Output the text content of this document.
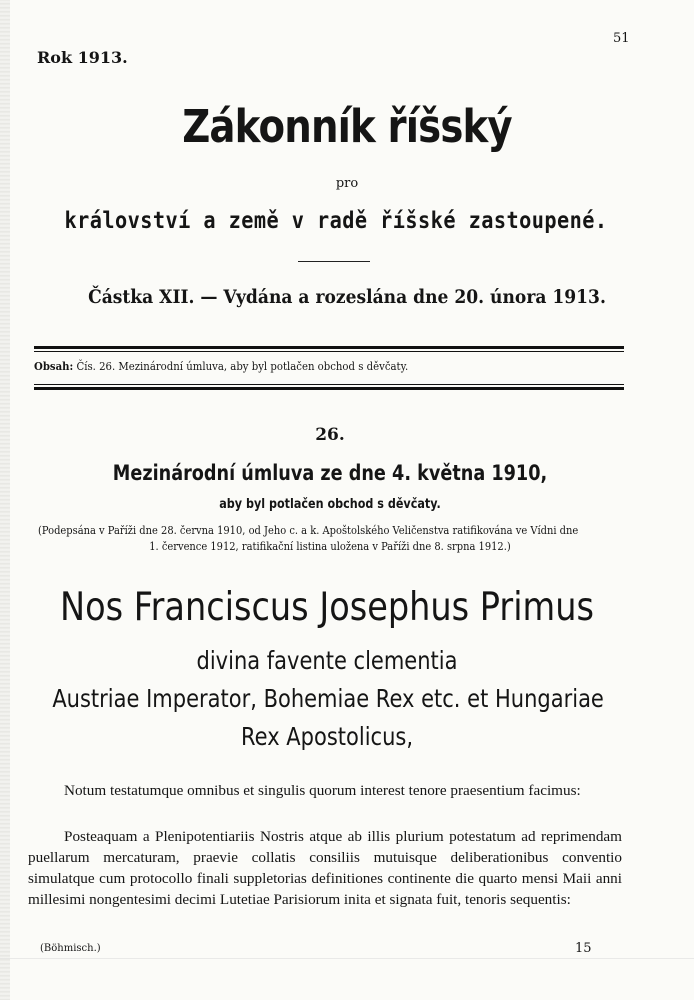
Rok 1913.

51

Zákonník říšský

pro

království a země v radě říšské zastoupené.

Částka XII. — Vydána a rozeslána dne 20. února 1913.

Obsah: Čís. 26. Mezinárodní úmluva, aby byl potlačen obchod s děvčaty.

26.

Mezinárodní úmluva ze dne 4. května 1910,

aby byl potlačen obchod s děvčaty.

(Podepsána v Paříži dne 28. června 1910, od Jeho c. a k. Apoštolského Veličenstva ratifikována ve Vídni dne

1. července 1912, ratifikační listina uložena v Paříži dne 8. srpna 1912.)

Nos Franciscus Josephus Primus

divina favente clementia

Austriae Imperator, Bohemiae Rex etc. et Hungariae

Rex Apostolicus,

Notum testatumque omnibus et singulis quorum interest tenore praesentium facimus:

Posteaquam a Plenipotentiariis Nostris atque ab illis plurium potestatum ad reprimendam puellarum mercaturam, praevie collatis consiliis mutuisque deliberationibus conventio simulatque cum protocollo finali suppletorias definitiones continente die quarto mensi Maii anni millesimi nongentesimi decimi Lutetiae Parisiorum inita et signata fuit, tenoris sequentis:

(Böhmisch.)	15
